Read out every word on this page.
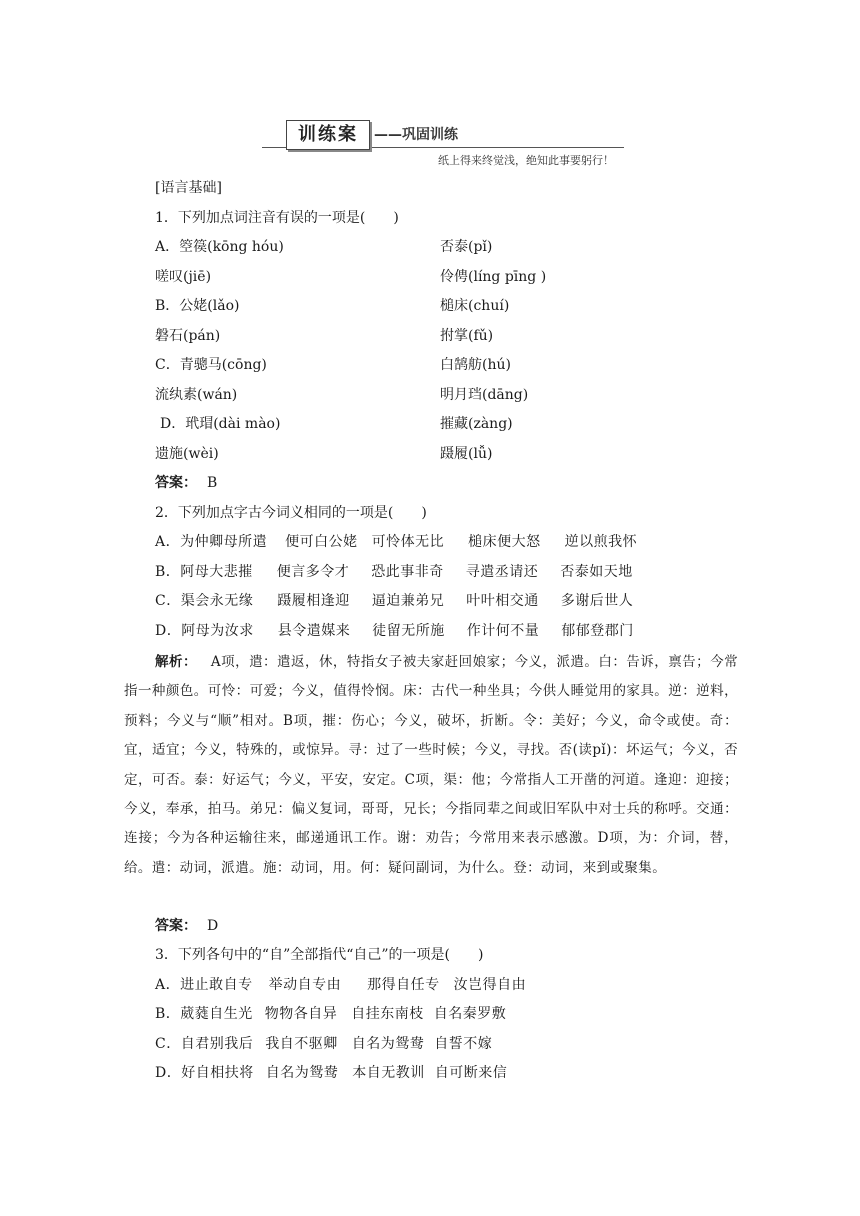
训练案	——巩固训练
纸上得来终觉浅，绝知此事要躬行！
[语言基础]
1．下列加点词注音有误的一项是(　　)
A．箜篌(kōng hóu)	否泰(pǐ)
嗟叹(jiē)	伶俜(líng pīng )
B．公姥(lǎo)	槌床(chuí)
磐石(pán)	拊掌(fǔ)
C．青骢马(cōng)	白鹄舫(hú)
流纨素(wán)	明月珰(dāng)
D．玳瑁(dài mào)	摧藏(zàng)
遗施(wèi)	蹑履(lǚ)
答案： B
2．下列加点字古今词义相同的一项是(　　)
A．为仲卿母所遣 便可白公姥 可怜体无比 槌床便大怒 逆以煎我怀
B．阿母大悲摧 便言多令才 恐此事非奇 寻遣丞请还 否泰如天地
C．渠会永无缘 蹑履相逢迎 逼迫兼弟兄 叶叶相交通 多谢后世人
D．阿母为汝求 县令遣媒来 徒留无所施 作计何不量 郁郁登郡门
解析： A项，遣：遣返，休，特指女子被夫家赶回娘家；今义，派遣。白：告诉，禀告；今常指一种颜色。可怜：可爱；今义，值得怜悯。床：古代一种坐具；今供人睡觉用的家具。逆：逆料，预料；今义与“顺”相对。B项，摧：伤心；今义，破坏，折断。令：美好；今义，命令或使。奇：宜，适宜；今义，特殊的，或惊异。寻：过了一些时候；今义，寻找。否(读pǐ)：坏运气；今义，否定，可否。泰：好运气；今义，平安，安定。C项，渠：他；今常指人工开凿的河道。逢迎：迎接；今义，奉承，拍马。弟兄：偏义复词，哥哥，兄长；今指同辈之间或旧军队中对士兵的称呼。交通：连接；今为各种运输往来，邮递通讯工作。谢：劝告；今常用来表示感激。D项，为：介词，替，给。遣：动词，派遣。施：动词，用。何：疑问副词，为什么。登：动词，来到或聚集。
答案： D
3．下列各句中的“自”全部指代“自己”的一项是(　　)
A．进止敢自专 举动自专由 那得自任专 汝岂得自由
B．葳蕤自生光 物物各自异 自挂东南枝 自名秦罗敷
C．自君别我后 我自不驱卿 自名为鸳鸯 自誓不嫁
D．好自相扶将 自名为鸳鸯 本自无教训 自可断来信
